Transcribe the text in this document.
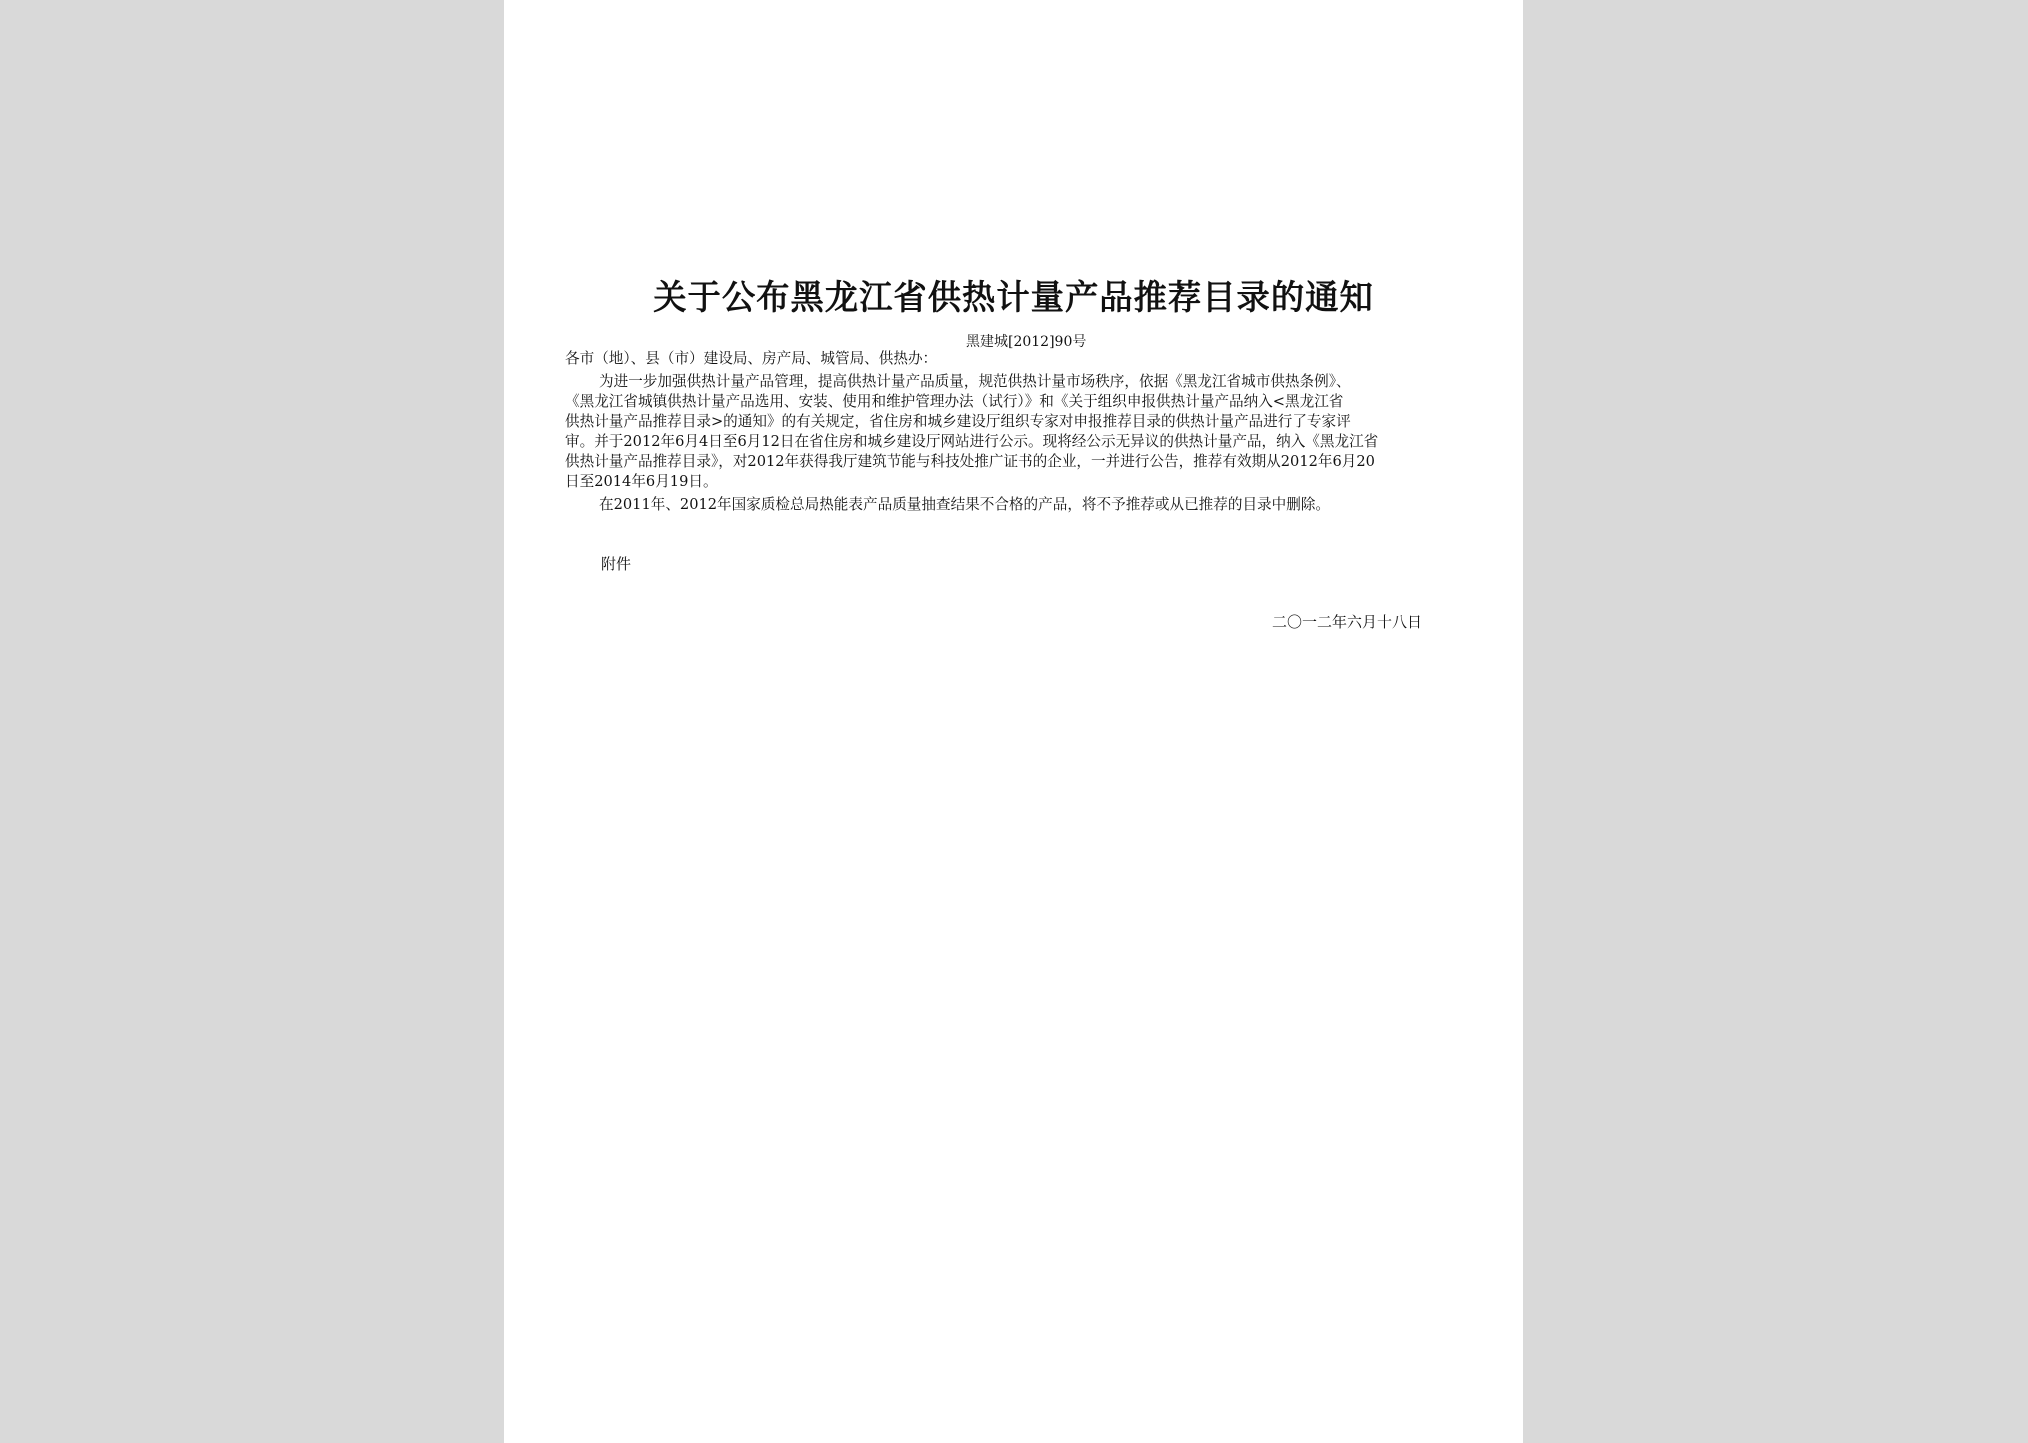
关于公布黑龙江省供热计量产品推荐目录的通知
黑建城[2012]90号
各市（地）、县（市）建设局、房产局、城管局、供热办：
为进一步加强供热计量产品管理，提高供热计量产品质量，规范供热计量市场秩序，依据《黑龙江省城市供热条例》、
《黑龙江省城镇供热计量产品选用、安装、使用和维护管理办法（试行）》和《关于组织申报供热计量产品纳入<黑龙江省
供热计量产品推荐目录>的通知》的有关规定，省住房和城乡建设厅组织专家对申报推荐目录的供热计量产品进行了专家评
审。并于2012年6月4日至6月12日在省住房和城乡建设厅网站进行公示。现将经公示无异议的供热计量产品，纳入《黑龙江省
供热计量产品推荐目录》，对2012年获得我厅建筑节能与科技处推广证书的企业，一并进行公告，推荐有效期从2012年6月20
日至2014年6月19日。
在2011年、2012年国家质检总局热能表产品质量抽查结果不合格的产品，将不予推荐或从已推荐的目录中删除。
附件
二〇一二年六月十八日
